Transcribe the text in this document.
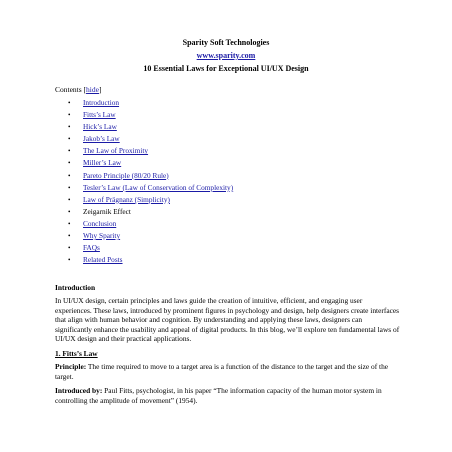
Sparity Soft Technologies
www.sparity.com
10 Essential Laws for Exceptional UI/UX Design
Contents [hide]
• Introduction
• Fitts’s Law
• Hick’s Law
• Jakob’s Law
• The Law of Proximity
• Miller’s Law
• Pareto Principle (80/20 Rule)
• Tesler’s Law (Law of Conservation of Complexity)
• Law of Prägnanz (Simplicity)
• Zeigarnik Effect
• Conclusion
• Why Sparity
• FAQs
• Related Posts
Introduction
In UI/UX design, certain principles and laws guide the creation of intuitive, efficient, and engaging user experiences. These laws, introduced by prominent figures in psychology and design, help designers create interfaces that align with human behavior and cognition. By understanding and applying these laws, designers can significantly enhance the usability and appeal of digital products. In this blog, we’ll explore ten fundamental laws of UI/UX design and their practical applications.
1. Fitts’s Law
Principle: The time required to move to a target area is a function of the distance to the target and the size of the target.
Introduced by: Paul Fitts, psychologist, in his paper “The information capacity of the human motor system in controlling the amplitude of movement” (1954).
